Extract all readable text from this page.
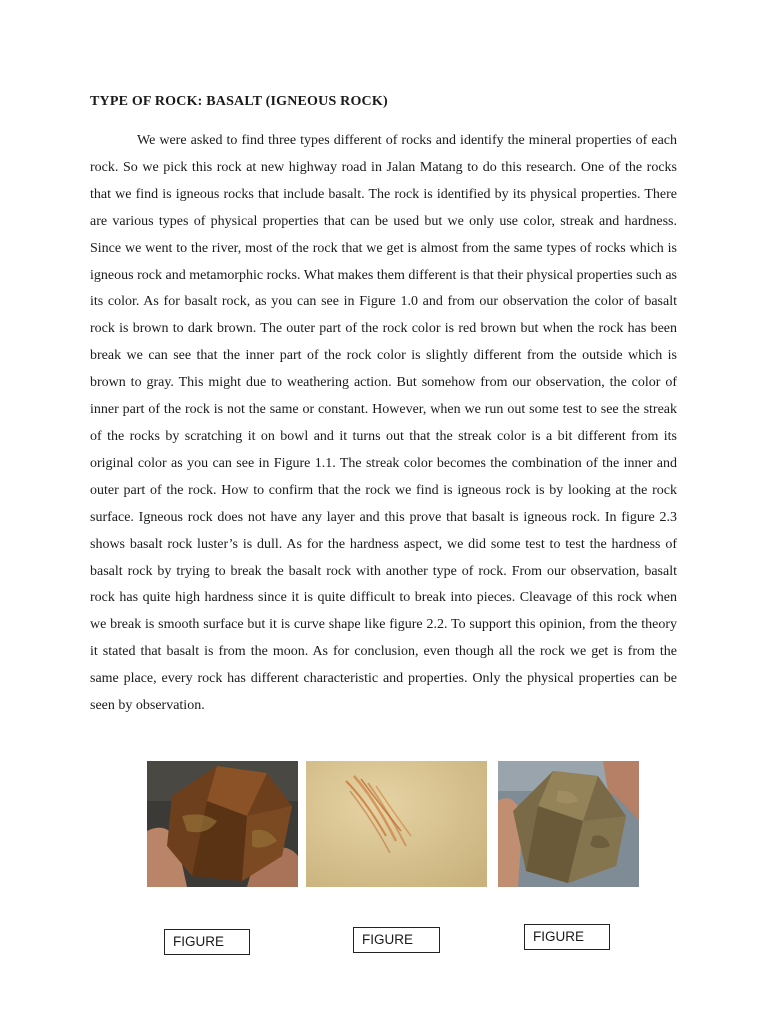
TYPE OF ROCK: BASALT (IGNEOUS ROCK)

We were asked to find three types different of rocks and identify the mineral properties of each rock. So we pick this rock at new highway road in Jalan Matang to do this research. One of the rocks that we find is igneous rocks that include basalt. The rock is identified by its physical properties. There are various types of physical properties that can be used but we only use color, streak and hardness. Since we went to the river, most of the rock that we get is almost from the same types of rocks which is igneous rock and metamorphic rocks. What makes them different is that their physical properties such as its color. As for basalt rock, as you can see in Figure 1.0 and from our observation the color of basalt rock is brown to dark brown. The outer part of the rock color is red brown but when the rock has been break we can see that the inner part of the rock color is slightly different from the outside which is brown to gray. This might due to weathering action. But somehow from our observation, the color of inner part of the rock is not the same or constant. However, when we run out some test to see the streak of the rocks by scratching it on bowl and it turns out that the streak color is a bit different from its original color as you can see in Figure 1.1. The streak color becomes the combination of the inner and outer part of the rock. How to confirm that the rock we find is igneous rock is by looking at the rock surface. Igneous rock does not have any layer and this prove that basalt is igneous rock. In figure 2.3 shows basalt rock luster’s is dull. As for the hardness aspect, we did some test to test the hardness of basalt rock by trying to break the basalt rock with another type of rock. From our observation, basalt rock has quite high hardness since it is quite difficult to break into pieces. Cleavage of this rock when we break is smooth surface but it is curve shape like figure 2.2. To support this opinion, from the theory it stated that basalt is from the moon. As for conclusion, even though all the rock we get is from the same place, every rock has different characteristic and properties. Only the physical properties can be seen by observation.

FIGURE	FIGURE	FIGURE
